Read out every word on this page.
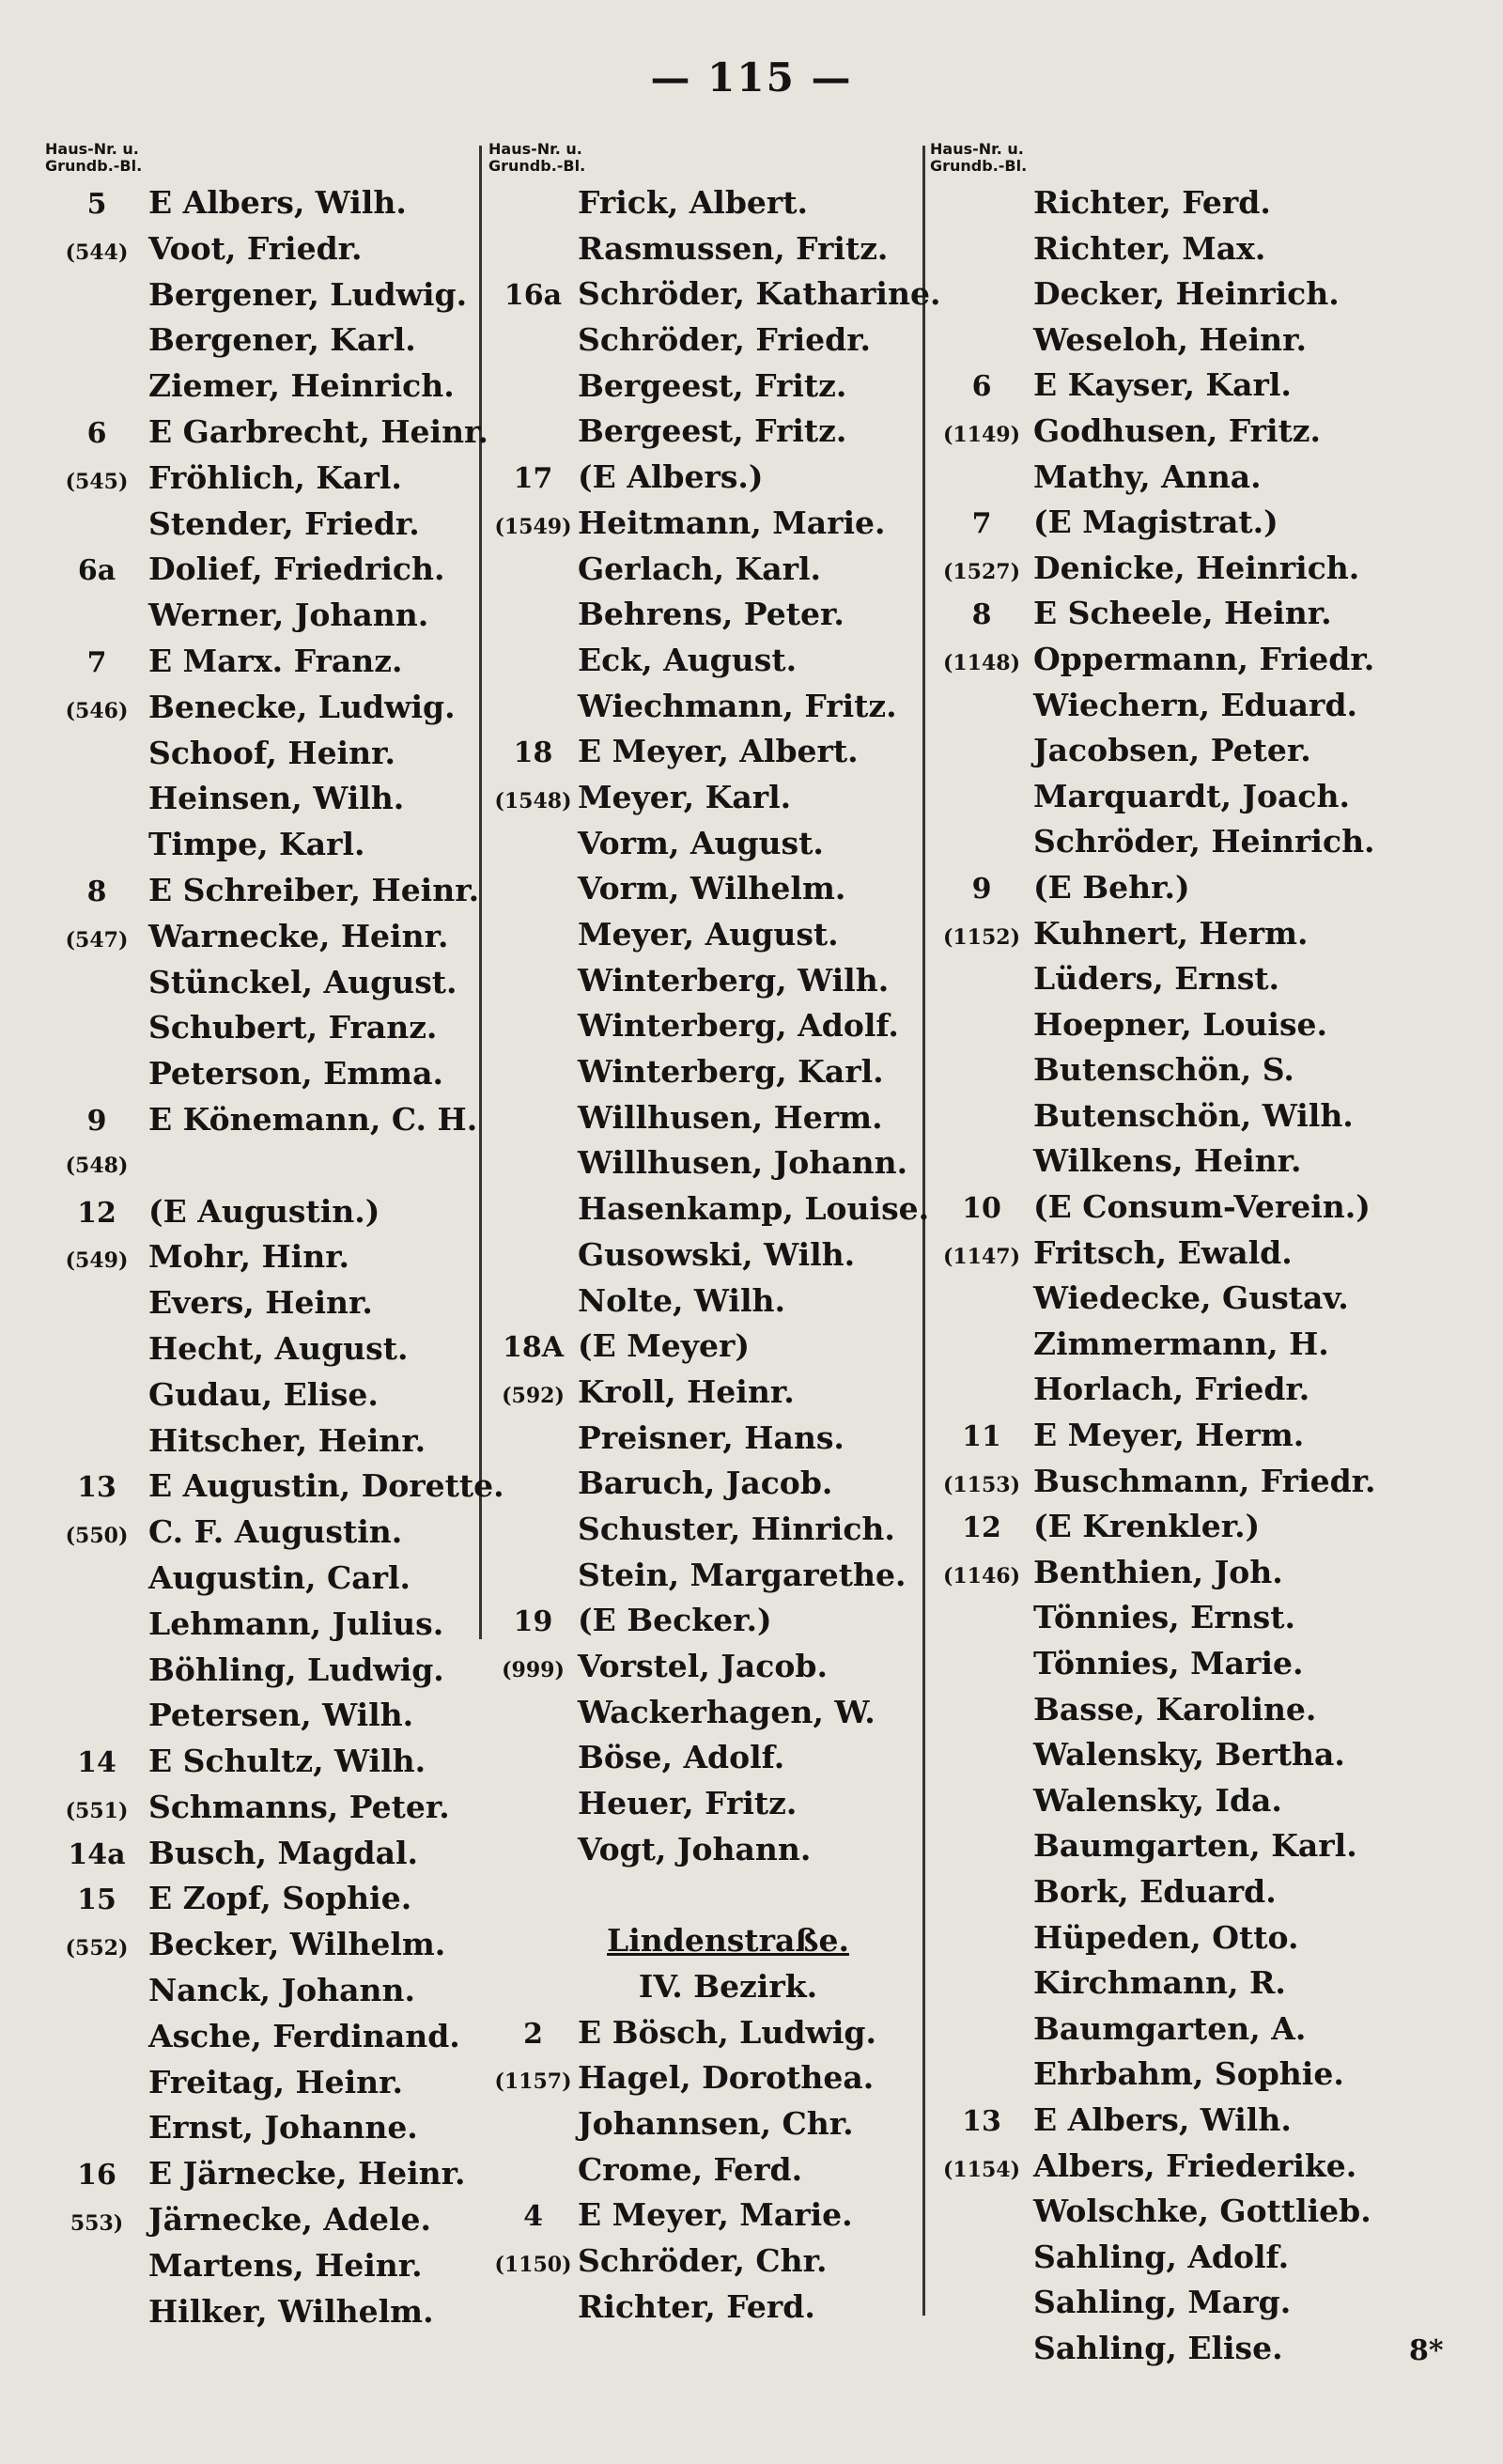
— 115 —
Haus-Nr. u.
Grundb.-Bl.
5	E Albers, Wilh.
(544) Voot, Friedr.
Bergener, Ludwig.
Bergener, Karl.
Ziemer, Heinrich.
6	E Garbrecht, Heinr.
(545) Fröhlich, Karl.
Stender, Friedr.
6a	Dolief, Friedrich.
Werner, Johann.
7	E Marx. Franz.
(546) Benecke, Ludwig.
Schoof, Heinr.
Heinsen, Wilh.
Timpe, Karl.
8	E Schreiber, Heinr.
(547) Warnecke, Heinr.
Stünckel, August.
Schubert, Franz.
Peterson, Emma.
9	E Könemann, C. H.
(548)
12	(E Augustin.)
(549) Mohr, Hinr.
Evers, Heinr.
Hecht, August.
Gudau, Elise.
Hitscher, Heinr.
13	E Augustin, Dorette.
(550) C. F. Augustin.
Augustin, Carl.
Lehmann, Julius.
Böhling, Ludwig.
Petersen, Wilh.
14	E Schultz, Wilh.
(551) Schmanns, Peter.
14a Busch, Magdal.
15	E Zopf, Sophie.
(552) Becker, Wilhelm.
Nanck, Johann.
Asche, Ferdinand.
Freitag, Heinr.
Ernst, Johanne.
16	E Järnecke, Heinr.
553) Järnecke, Adele.
Martens, Heinr.
Hilker, Wilhelm.
Haus-Nr. u.
Grundb.-Bl.
Frick, Albert.
Rasmussen, Fritz.
16a Schröder, Katharine.
Schröder, Friedr.
Bergeest, Fritz.
Bergeest, Fritz.
17 (E Albers.)
(1549) Heitmann, Marie.
Gerlach, Karl.
Behrens, Peter.
Eck, August.
Wiechmann, Fritz.
18 E Meyer, Albert.
(1548) Meyer, Karl.
Vorm, August.
Vorm, Wilhelm.
Meyer, August.
Winterberg, Wilh.
Winterberg, Adolf.
Winterberg, Karl.
Willhusen, Herm.
Willhusen, Johann.
Hasenkamp, Louise.
Gusowski, Wilh.
Nolte, Wilh.
18A (E Meyer)
(592) Kroll, Heinr.
Preisner, Hans.
Baruch, Jacob.
Schuster, Hinrich.
Stein, Margarethe.
19 (E Becker.)
(999) Vorstel, Jacob.
Wackerhagen, W.
Böse, Adolf.
Heuer, Fritz.
Vogt, Johann.
Lindenstraße.
IV. Bezirk.
2	E Bösch, Ludwig.
(1157) Hagel, Dorothea.
Johannsen, Chr.
Crome, Ferd.
4	E Meyer, Marie.
(1150) Schröder, Chr.
Richter, Ferd.
Haus-Nr. u.
Grundb.-Bl.
Richter, Ferd.
Richter, Max.
Decker, Heinrich.
Weseloh, Heinr.
6	E Kayser, Karl.
(1149) Godhusen, Fritz.
Mathy, Anna.
7	(E Magistrat.)
(1527) Denicke, Heinrich.
8	E Scheele, Heinr.
(1148) Oppermann, Friedr.
Wiechern, Eduard.
Jacobsen, Peter.
Marquardt, Joach.
Schröder, Heinrich.
9	(E Behr.)
(1152) Kuhnert, Herm.
Lüders, Ernst.
Hoepner, Louise.
Butenschön, S.
Butenschön, Wilh.
Wilkens, Heinr.
10	(E Consum-Verein.)
(1147) Fritsch, Ewald.
Wiedecke, Gustav.
Zimmermann, H.
Horlach, Friedr.
11	E Meyer, Herm.
(1153) Buschmann, Friedr.
12	(E Krenkler.)
(1146) Benthien, Joh.
Tönnies, Ernst.
Tönnies, Marie.
Basse, Karoline.
Walensky, Bertha.
Walensky, Ida.
Baumgarten, Karl.
Bork, Eduard.
Hüpeden, Otto.
Kirchmann, R.
Baumgarten, A.
Ehrbahm, Sophie.
13	E Albers, Wilh.
(1154) Albers, Friederike.
Wolschke, Gottlieb.
Sahling, Adolf.
Sahling, Marg.
Sahling, Elise.	8*
